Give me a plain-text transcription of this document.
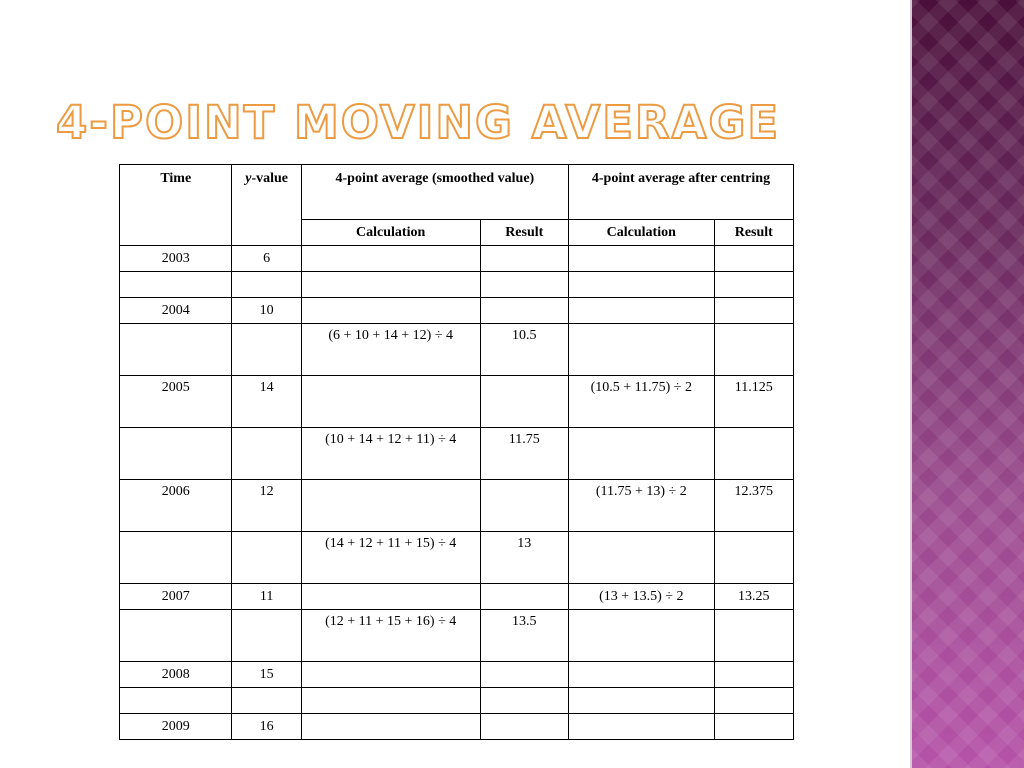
4-POINT MOVING AVERAGE
Time	y-value	4-point average (smoothed value)		4-point average after centring	
		Calculation	Result	Calculation	Result
2003	6				

2004	10				
		(6 + 10 + 14 + 12) ÷ 4	10.5		
2005	14			(10.5 + 11.75) ÷ 2	11.125
		(10 + 14 + 12 + 11) ÷ 4	11.75		
2006	12			(11.75 + 13) ÷ 2	12.375
		(14 + 12 + 11 + 15) ÷ 4	13		
2007	11			(13 + 13.5) ÷ 2	13.25
		(12 + 11 + 15 + 16) ÷ 4	13.5		
2008	15				

2009	16				
